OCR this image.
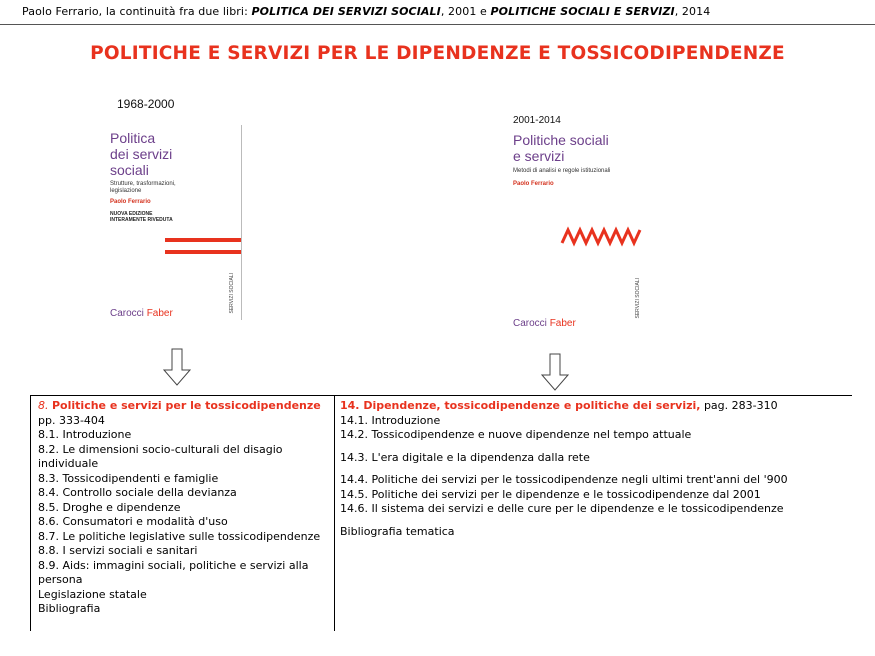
Paolo Ferrario, la continuità fra due libri: POLITICA DEI SERVIZI SOCIALI, 2001 e POLITICHE SOCIALI E SERVIZI, 2014
POLITICHE E SERVIZI PER LE DIPENDENZE E TOSSICODIPENDENZE
1968-2000
Politica
dei servizi
sociali
Strutture, trasformazioni,
legislazione
Paolo Ferrario
NUOVA EDIZIONE
INTERAMENTE RIVEDUTA
SERVIZI SOCIALI
Carocci Faber
2001-2014
Politiche sociali
e servizi
Metodi di analisi e regole istituzionali
Paolo Ferrario
SERVIZI SOCIALI
Carocci Faber
8. Politiche e servizi per le tossicodipendenze pp. 333-404
8.1. Introduzione
8.2. Le dimensioni socio-culturali del disagio individuale
8.3. Tossicodipendenti e famiglie
8.4. Controllo sociale della devianza
8.5. Droghe e dipendenze
8.6. Consumatori e modalità d'uso
8.7. Le politiche legislative sulle tossicodipendenze
8.8. I servizi sociali e sanitari
8.9. Aids: immagini sociali, politiche e servizi alla persona
Legislazione statale
Bibliografia
14. Dipendenze, tossicodipendenze e politiche dei servizi, pag. 283-310
14.1. Introduzione
14.2. Tossicodipendenze e nuove dipendenze nel tempo attuale
14.3. L'era digitale e la dipendenza dalla rete
14.4. Politiche dei servizi per le tossicodipendenze negli ultimi trent'anni del '900
14.5. Politiche dei servizi per le dipendenze e le tossicodipendenze dal 2001
14.6. Il sistema dei servizi e delle cure per le dipendenze e le tossicodipendenze
Bibliografia tematica
